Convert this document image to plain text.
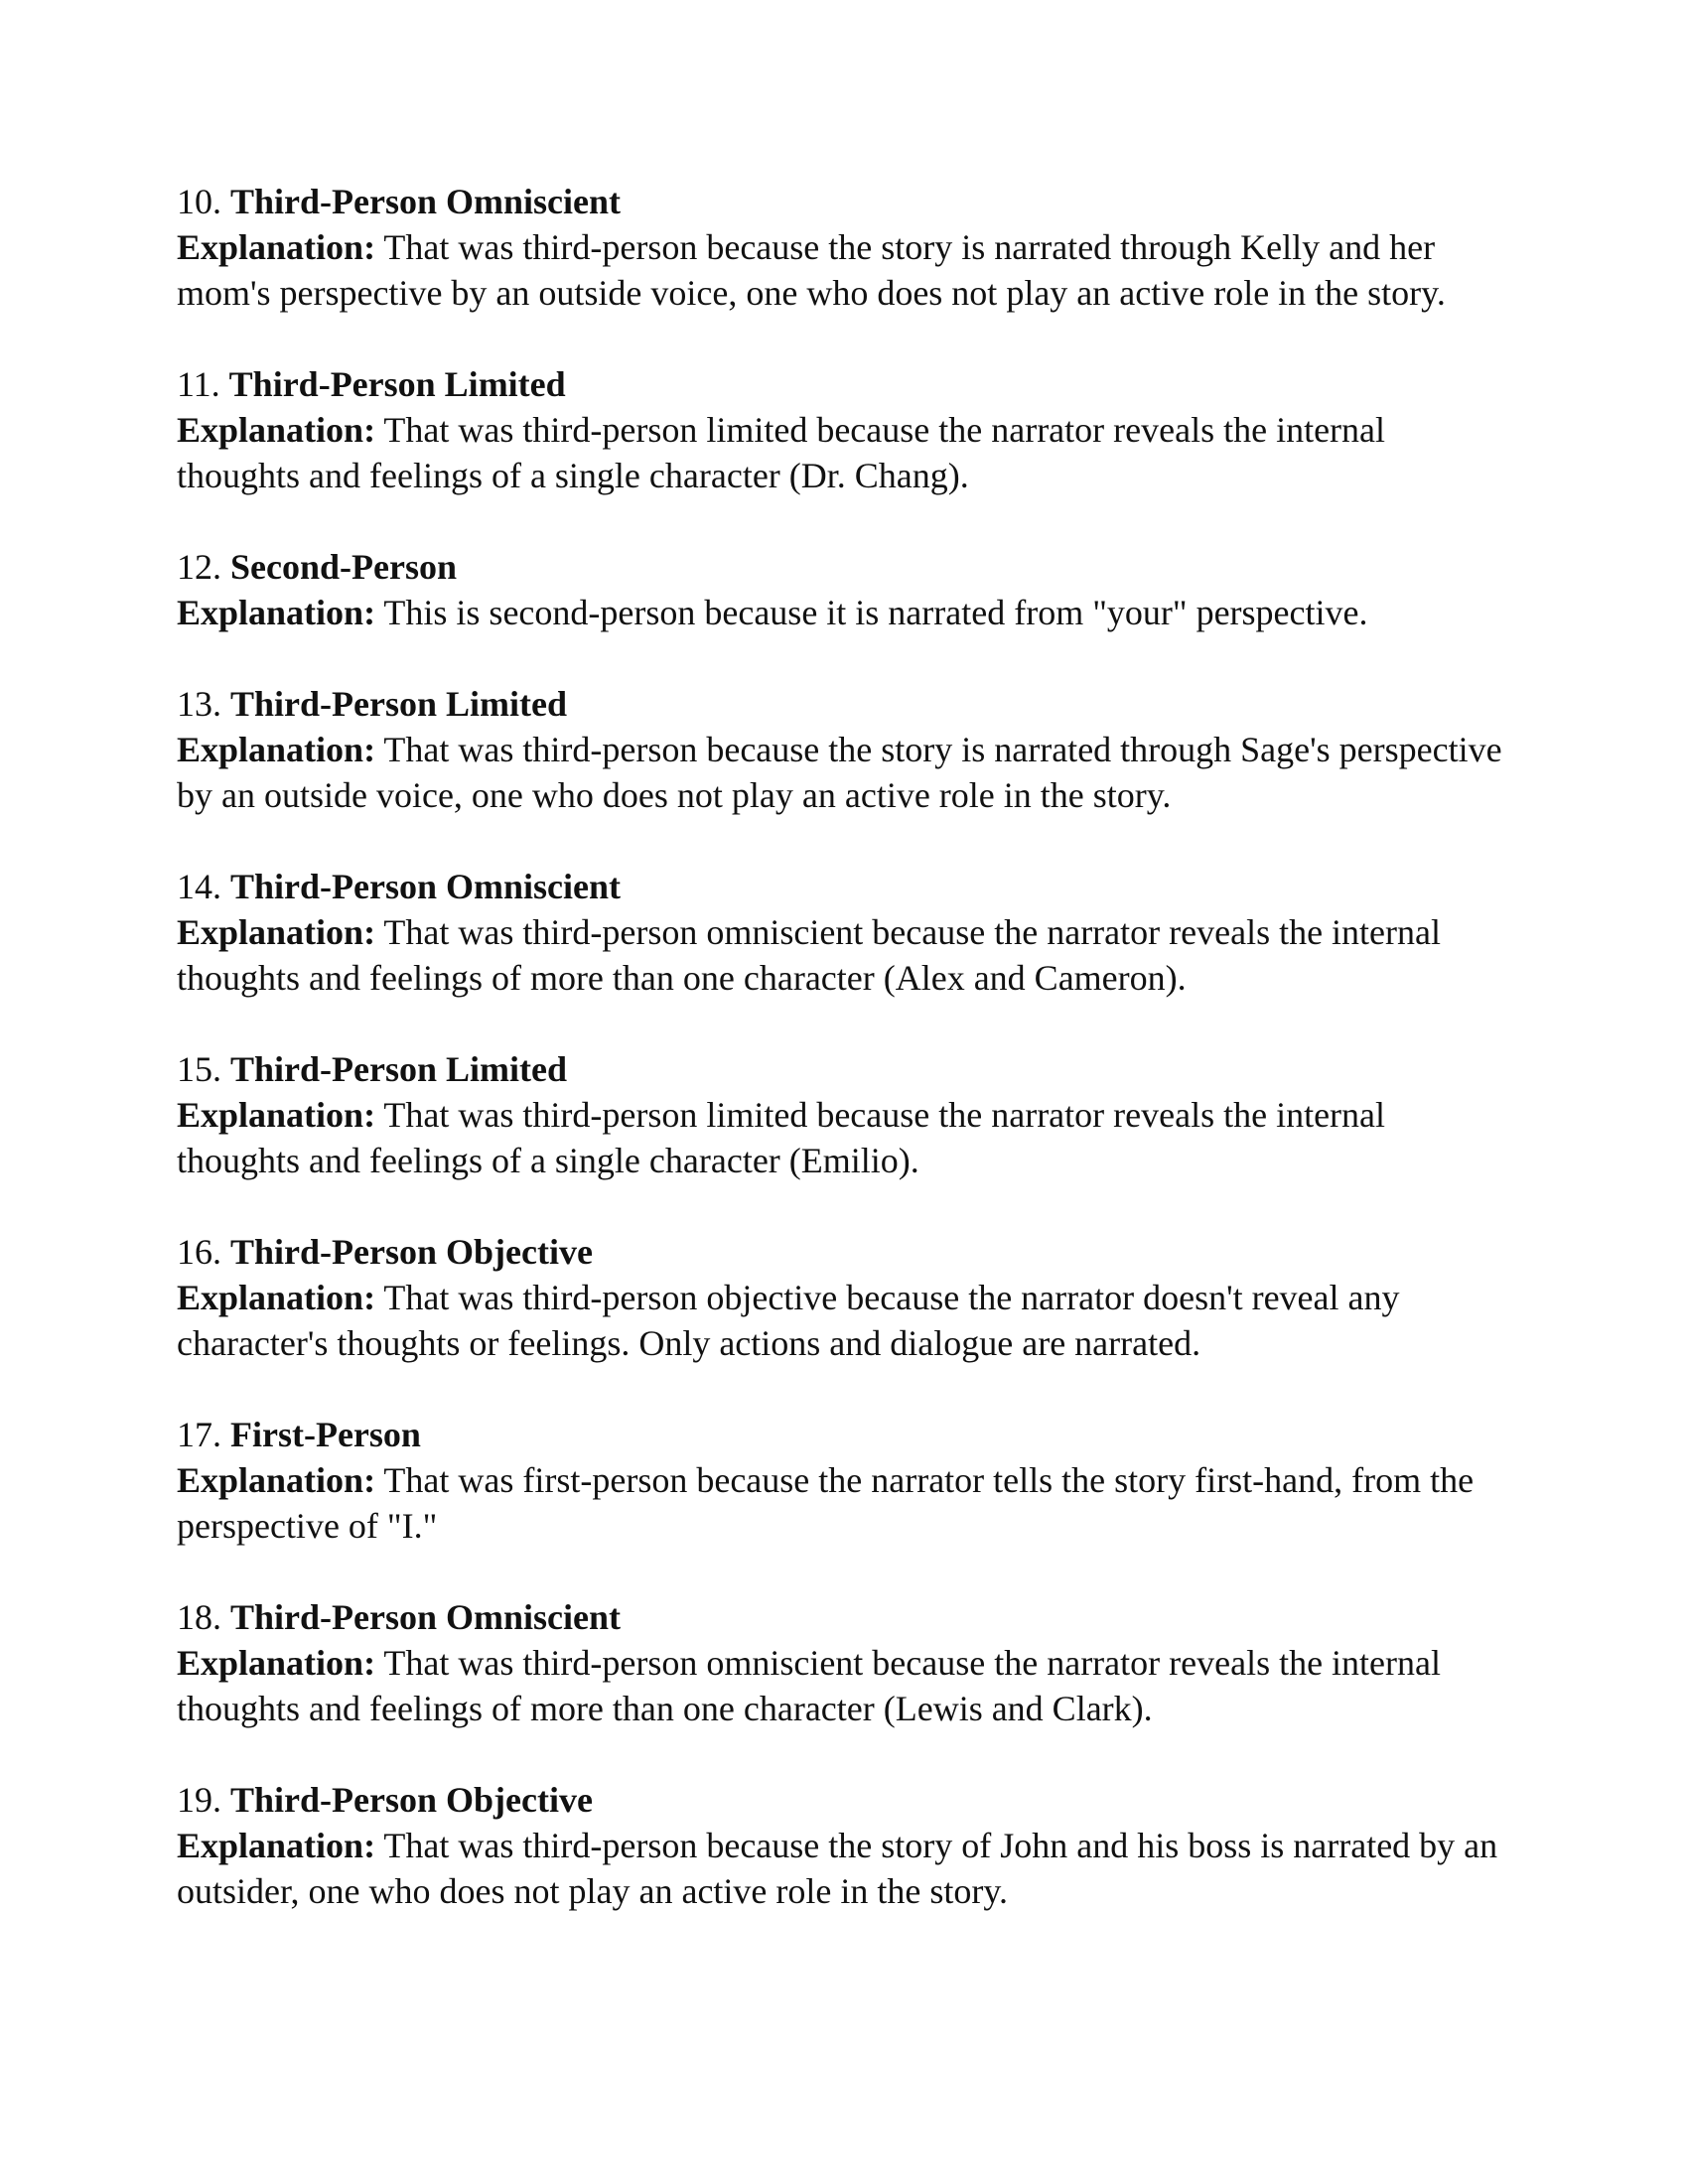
10. Third-Person Omniscient

Explanation: That was third-person because the story is narrated through Kelly and her mom's perspective by an outside voice, one who does not play an active role in the story.

11. Third-Person Limited

Explanation: That was third-person limited because the narrator reveals the internal thoughts and feelings of a single character (Dr. Chang).

12. Second-Person

Explanation: This is second-person because it is narrated from "your" perspective.

13. Third-Person Limited

Explanation: That was third-person because the story is narrated through Sage's perspective by an outside voice, one who does not play an active role in the story.

14. Third-Person Omniscient

Explanation: That was third-person omniscient because the narrator reveals the internal thoughts and feelings of more than one character (Alex and Cameron).

15. Third-Person Limited

Explanation: That was third-person limited because the narrator reveals the internal thoughts and feelings of a single character (Emilio).

16. Third-Person Objective

Explanation: That was third-person objective because the narrator doesn't reveal any character's thoughts or feelings. Only actions and dialogue are narrated.

17. First-Person

Explanation: That was first-person because the narrator tells the story first-hand, from the perspective of "I."

18. Third-Person Omniscient

Explanation: That was third-person omniscient because the narrator reveals the internal thoughts and feelings of more than one character (Lewis and Clark).

19. Third-Person Objective

Explanation: That was third-person because the story of John and his boss is narrated by an outsider, one who does not play an active role in the story.
